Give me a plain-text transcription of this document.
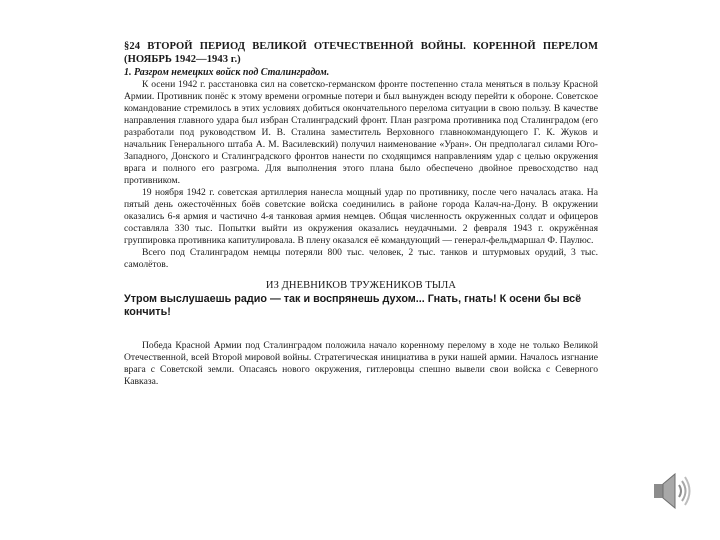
§24 ВТОРОЙ ПЕРИОД ВЕЛИКОЙ ОТЕЧЕСТВЕННОЙ ВОЙНЫ. КОРЕННОЙ ПЕРЕЛОМ (НОЯБРЬ 1942—1943 г.)
1. Разгром немецких войск под Сталинградом.

К осени 1942 г. расстановка сил на советско-германском фронте постепенно стала меняться в пользу Красной Армии. Противник понёс к этому времени огромные потери и был вынужден всюду перейти к обороне. Советское командование стремилось в этих условиях добиться окончательного перелома ситуации в свою пользу. В качестве направления главного удара был избран Сталинградский фронт. План разгрома противника под Сталинградом (его разработали под руководством И. В. Сталина заместитель Верховного главнокомандующего Г. К. Жуков и начальник Генерального штаба А. М. Василевский) получил наименование «Уран». Он предполагал силами Юго-Западного, Донского и Сталинградского фронтов нанести по сходящимся направлениям удар с целью окружения врага и полного его разгрома. Для выполнения этого плана было обеспечено двойное превосходство над противником.

19 ноября 1942 г. советская артиллерия нанесла мощный удар по противнику, после чего началась атака. На пятый день ожесточённых боёв советские войска соединились в районе города Калач-на-Дону. В окружении оказались 6-я армия и частично 4-я танковая армия немцев. Общая численность окруженных солдат и офицеров составляла 330 тыс. Попытки выйти из окружения оказались неудачными. 2 февраля 1943 г. окружённая группировка противника капитулировала. В плену оказался её командующий — генерал-фельдмаршал Ф. Паулюс.

Всего под Сталинградом немцы потеряли 800 тыс. человек, 2 тыс. танков и штурмовых орудий, 3 тыс. самолётов.

ИЗ ДНЕВНИКОВ ТРУЖЕНИКОВ ТЫЛА
Утром выслушаешь радио — так и воспрянешь духом... Гнать, гнать! К осени бы всё кончить!

Победа Красной Армии под Сталинградом положила начало коренному перелому в ходе не только Великой Отечественной, всей Второй мировой войны. Стратегическая инициатива в руки нашей армии. Началось изгнание врага с Советской земли. Опасаясь нового окружения, гитлеровцы спешно вывели свои войска с Северного Кавказа.
